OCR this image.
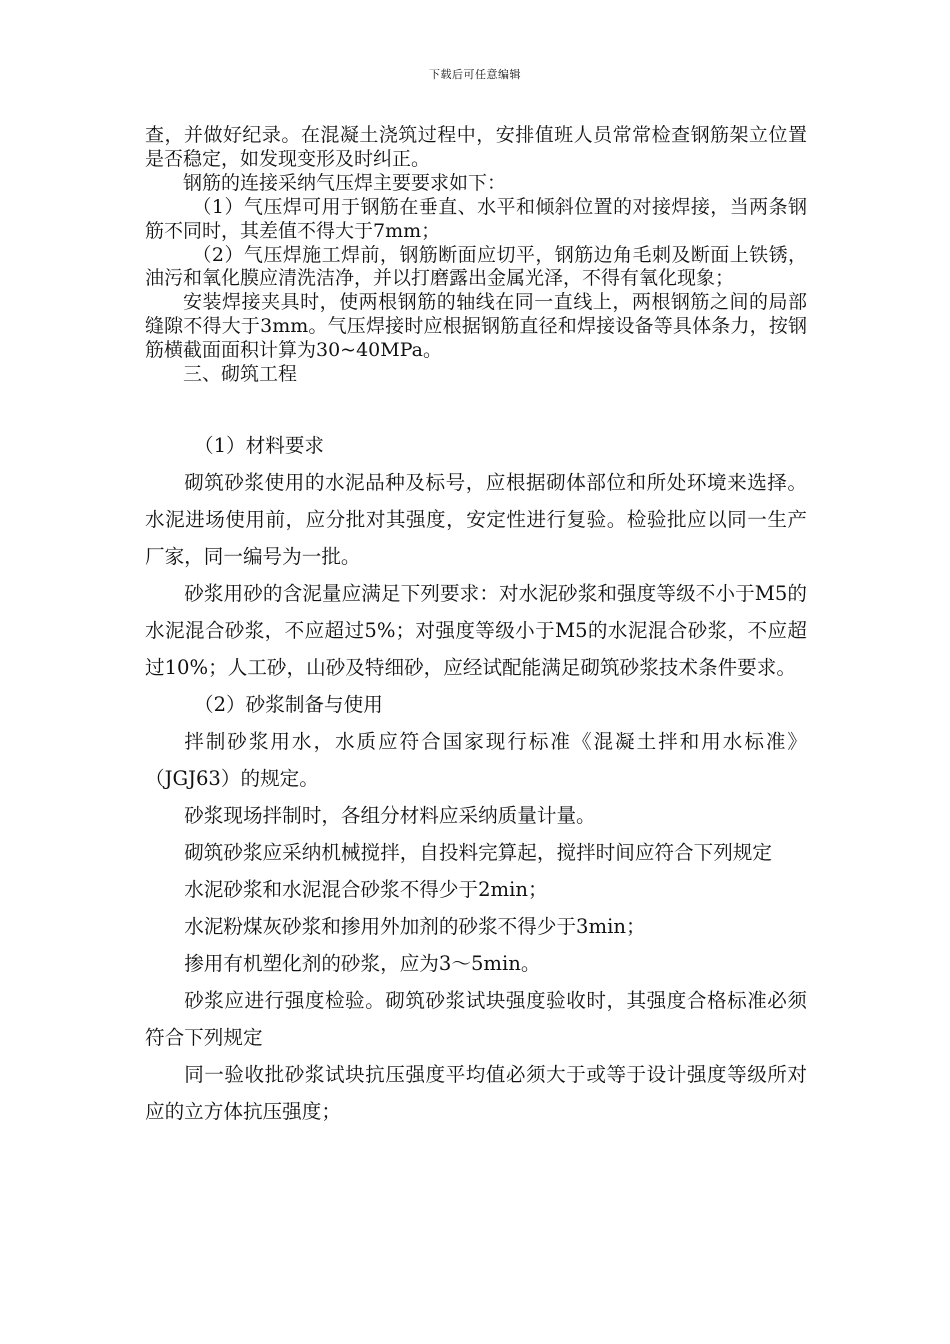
下载后可任意编辑

查，并做好纪录。在混凝土浇筑过程中，安排值班人员常常检查钢筋架立位置是否稳定，如发现变形及时纠正。

钢筋的连接采纳气压焊主要要求如下：

（1）气压焊可用于钢筋在垂直、水平和倾斜位置的对接焊接，当两条钢筋不同时，其差值不得大于7mm；

（2）气压焊施工焊前，钢筋断面应切平，钢筋边角毛刺及断面上铁锈，油污和氧化膜应清洗洁净，并以打磨露出金属光泽，不得有氧化现象；

安装焊接夹具时，使两根钢筋的轴线在同一直线上，两根钢筋之间的局部缝隙不得大于3mm。气压焊接时应根据钢筋直径和焊接设备等具体条力，按钢筋横截面面积计算为30~40MPa。

三、砌筑工程

（1）材料要求

砌筑砂浆使用的水泥品种及标号，应根据砌体部位和所处环境来选择。水泥进场使用前，应分批对其强度，安定性进行复验。检验批应以同一生产厂家，同一编号为一批。

砂浆用砂的含泥量应满足下列要求：对水泥砂浆和强度等级不小于M5的水泥混合砂浆，不应超过5%；对强度等级小于M5的水泥混合砂浆，不应超过10%；人工砂，山砂及特细砂，应经试配能满足砌筑砂浆技术条件要求。

（2）砂浆制备与使用

拌制砂浆用水，水质应符合国家现行标准《混凝土拌和用水标准》（JGJ63）的规定。

砂浆现场拌制时，各组分材料应采纳质量计量。

砌筑砂浆应采纳机械搅拌，自投料完算起，搅拌时间应符合下列规定

水泥砂浆和水泥混合砂浆不得少于2min；

水泥粉煤灰砂浆和掺用外加剂的砂浆不得少于3min；

掺用有机塑化剂的砂浆，应为3～5min。

砂浆应进行强度检验。砌筑砂浆试块强度验收时，其强度合格标准必须符合下列规定

同一验收批砂浆试块抗压强度平均值必须大于或等于设计强度等级所对应的立方体抗压强度；
